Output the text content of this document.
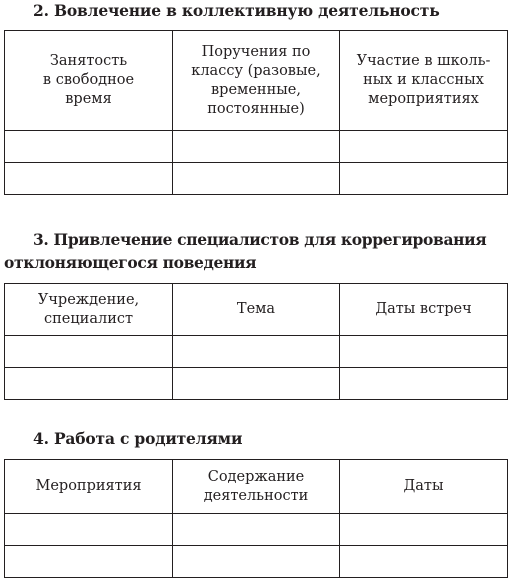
2. Вовлечение в коллективную деятельность
Занятость
в свободное
время	Поручения по
классу (разовые,
временные,
постоянные)	Участие в школь-
ных и классных
мероприятиях

3. Привлечение специалистов для коррегирования отклоняющегося поведения
Учреждение,
специалист	Тема	Даты встреч

4. Работа с родителями
Мероприятия	Содержание
деятельности	Даты
